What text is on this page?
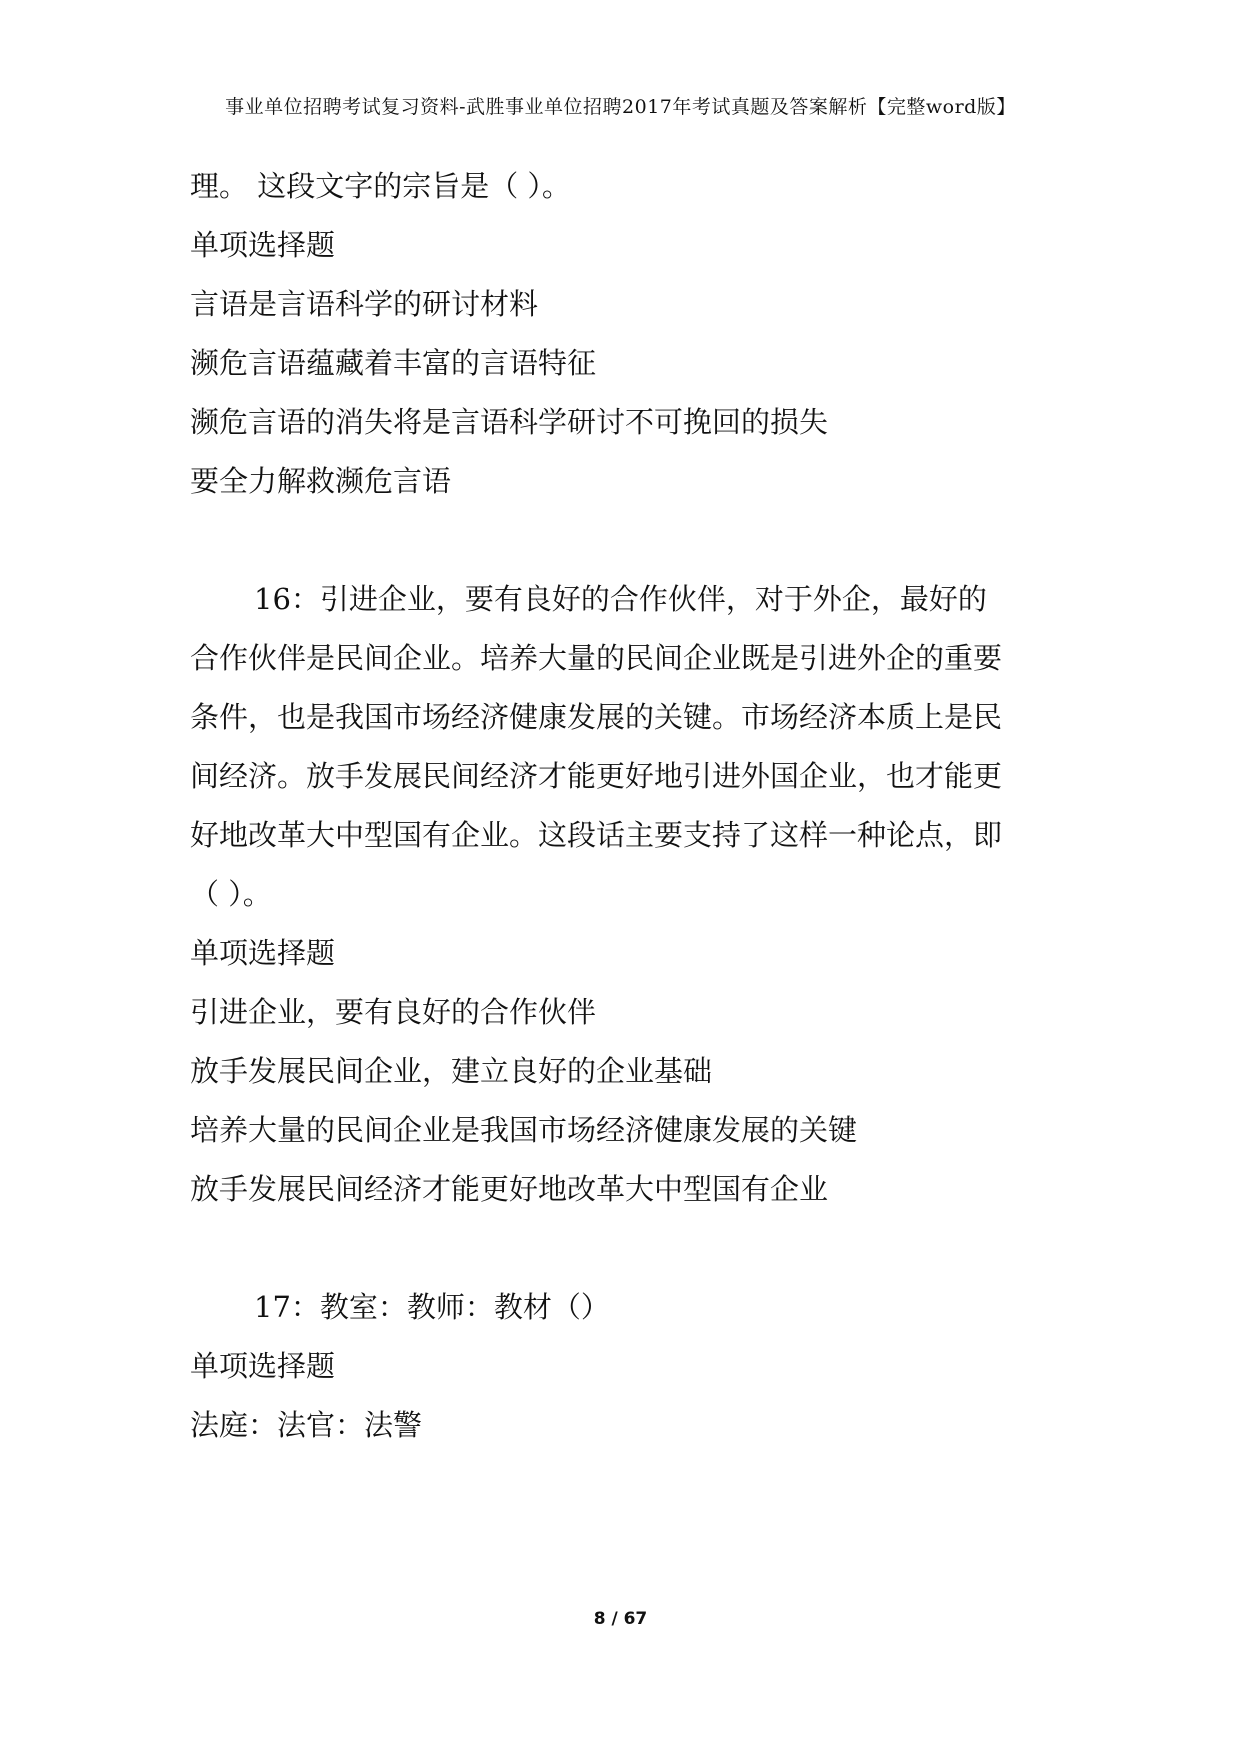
事业单位招聘考试复习资料-武胜事业单位招聘2017年考试真题及答案解析【完整word版】
理。 这段文字的宗旨是（ ）。
单项选择题
言语是言语科学的研讨材料
濒危言语蕴藏着丰富的言语特征
濒危言语的消失将是言语科学研讨不可挽回的损失
要全力解救濒危言语
16：引进企业，要有良好的合作伙伴，对于外企，最好的
合作伙伴是民间企业。培养大量的民间企业既是引进外企的重要
条件，也是我国市场经济健康发展的关键。市场经济本质上是民
间经济。放手发展民间经济才能更好地引进外国企业，也才能更
好地改革大中型国有企业。这段话主要支持了这样一种论点，即
（ ）。
单项选择题
引进企业，要有良好的合作伙伴
放手发展民间企业，建立良好的企业基础
培养大量的民间企业是我国市场经济健康发展的关键
放手发展民间经济才能更好地改革大中型国有企业
17：教室：教师：教材（）
单项选择题
法庭：法官：法警
8 / 67
